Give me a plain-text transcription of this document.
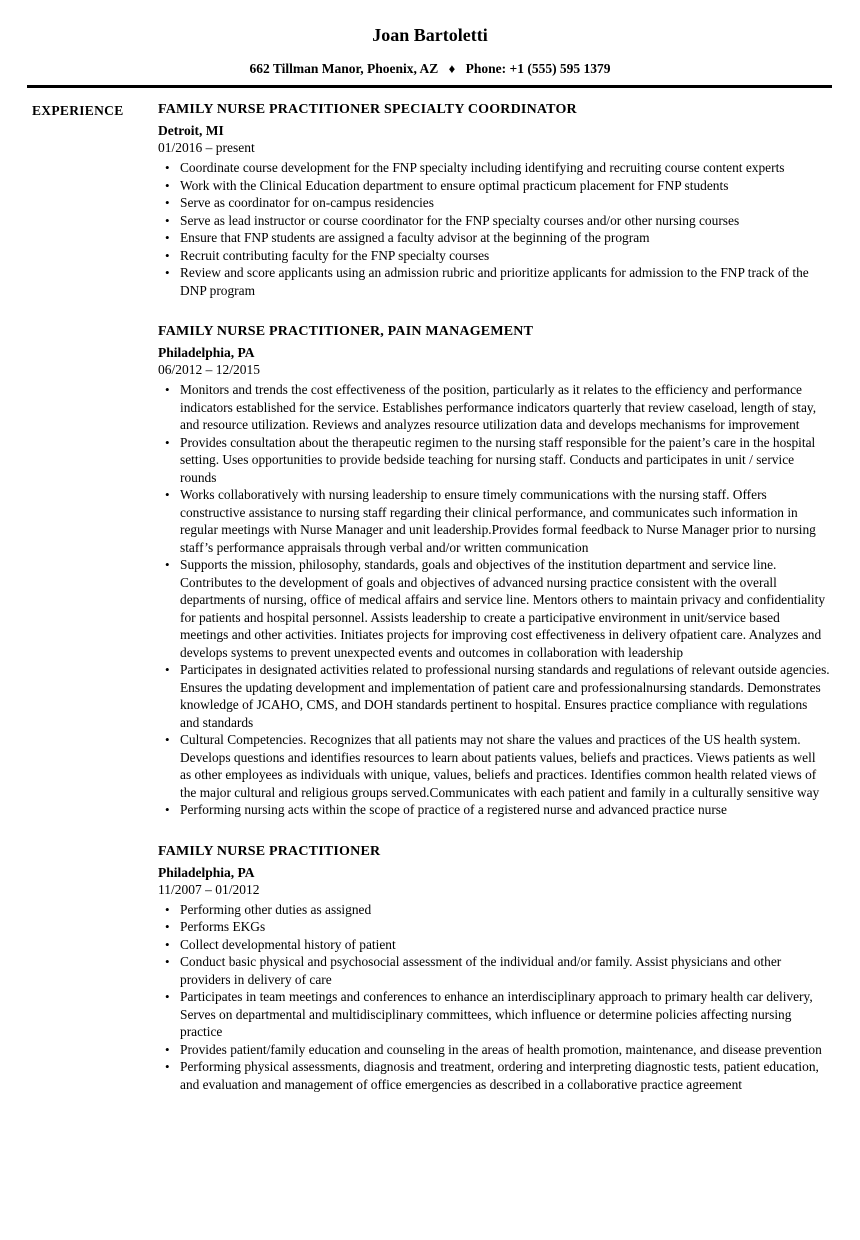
Joan Bartoletti
662 Tillman Manor, Phoenix, AZ ♦ Phone: +1 (555) 595 1379
EXPERIENCE	FAMILY NURSE PRACTITIONER SPECIALTY COORDINATOR
Detroit, MI
01/2016 – present
• Coordinate course development for the FNP specialty including identifying and recruiting course content experts
• Work with the Clinical Education department to ensure optimal practicum placement for FNP students
• Serve as coordinator for on-campus residencies
• Serve as lead instructor or course coordinator for the FNP specialty courses and/or other nursing courses
• Ensure that FNP students are assigned a faculty advisor at the beginning of the program
• Recruit contributing faculty for the FNP specialty courses
• Review and score applicants using an admission rubric and prioritize applicants for admission to the FNP track of the DNP program
FAMILY NURSE PRACTITIONER, PAIN MANAGEMENT
Philadelphia, PA
06/2012 – 12/2015
• Monitors and trends the cost effectiveness of the position, particularly as it relates to the efficiency and performance indicators established for the service. Establishes performance indicators quarterly that review caseload, length of stay, and resource utilization. Reviews and analyzes resource utilization data and develops mechanisms for improvement
• Provides consultation about the therapeutic regimen to the nursing staff responsible for the paient’s care in the hospital setting. Uses opportunities to provide bedside teaching for nursing staff. Conducts and participates in unit / service rounds
• Works collaboratively with nursing leadership to ensure timely communications with the nursing staff. Offers constructive assistance to nursing staff regarding their clinical performance, and communicates such information in regular meetings with Nurse Manager and unit leadership.Provides formal feedback to Nurse Manager prior to nursing staff’s performance appraisals through verbal and/or written communication
• Supports the mission, philosophy, standards, goals and objectives of the institution department and service line. Contributes to the development of goals and objectives of advanced nursing practice consistent with the overall departments of nursing, office of medical affairs and service line. Mentors others to maintain privacy and confidentiality for patients and hospital personnel. Assists leadership to create a participative environment in unit/service based meetings and other activities. Initiates projects for improving cost effectiveness in delivery ofpatient care. Analyzes and develops systems to prevent unexpected events and outcomes in collaboration with leadership
• Participates in designated activities related to professional nursing standards and regulations of relevant outside agencies. Ensures the updating development and implementation of patient care and professionalnursing standards. Demonstrates knowledge of JCAHO, CMS, and DOH standards pertinent to hospital. Ensures practice compliance with regulations and standards
• Cultural Competencies. Recognizes that all patients may not share the values and practices of the US health system. Develops questions and identifies resources to learn about patients values, beliefs and practices. Views patients as well as other employees as individuals with unique, values, beliefs and practices. Identifies common health related views of the major cultural and religious groups served.Communicates with each patient and family in a culturally sensitive way
• Performing nursing acts within the scope of practice of a registered nurse and advanced practice nurse
FAMILY NURSE PRACTITIONER
Philadelphia, PA
11/2007 – 01/2012
• Performing other duties as assigned
• Performs EKGs
• Collect developmental history of patient
• Conduct basic physical and psychosocial assessment of the individual and/or family. Assist physicians and other providers in delivery of care
• Participates in team meetings and conferences to enhance an interdisciplinary approach to primary health car delivery, Serves on departmental and multidisciplinary committees, which influence or determine policies affecting nursing practice
• Provides patient/family education and counseling in the areas of health promotion, maintenance, and disease prevention
• Performing physical assessments, diagnosis and treatment, ordering and interpreting diagnostic tests, patient education, and evaluation and management of office emergencies as described in a collaborative practice agreement
